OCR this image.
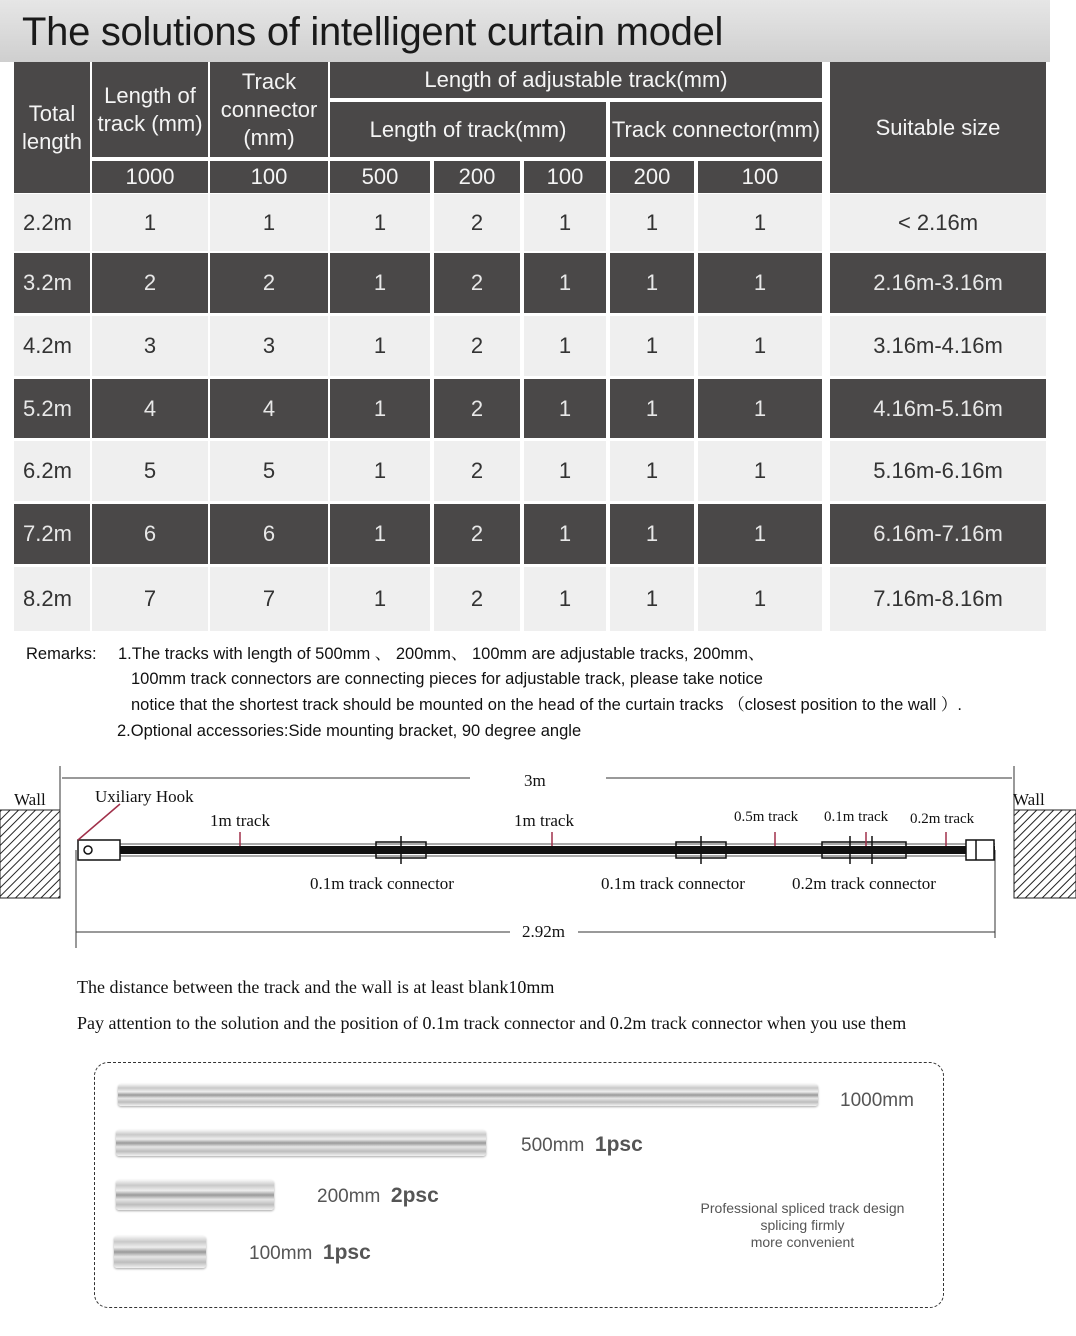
The solutions of intelligent curtain model
Total length
Length of track (mm)
Track connector (mm)
Length of adjustable track(mm)
Length of track(mm)	Track connector(mm)	Suitable size
1000	100	500	200	100	200	100
2.2m	1	1	1	2	1	1	1	< 2.16m
3.2m	2	2	1	2	1	1	1	2.16m-3.16m
4.2m	3	3	1	2	1	1	1	3.16m-4.16m
5.2m	4	4	1	2	1	1	1	4.16m-5.16m
6.2m	5	5	1	2	1	1	1	5.16m-6.16m
7.2m	6	6	1	2	1	1	1	6.16m-7.16m
8.2m	7	7	1	2	1	1	1	7.16m-8.16m
Remarks: 1.The tracks with length of 500mm 、 200mm、 100mm are adjustable tracks, 200mm、
100mm track connectors are connecting pieces for adjustable track, please take notice
notice that the shortest track should be mounted on the head of the curtain tracks （closest position to the wall ）.
2.Optional accessories:Side mounting bracket, 90 degree angle
Wall	Wall
Uxiliary Hook
3m
1m track	1m track	0.5m track 0.1m track 0.2m track
0.1m track connector	0.1m track connector	0.2m track connector
2.92m
The distance between the track and the wall is at least blank10mm
Pay attention to the solution and the position of 0.1m track connector and 0.2m track connector when you use them
1000mm
500mm 1psc
200mm 2psc
100mm 1psc
Professional spliced track design
splicing firmly
more convenient
